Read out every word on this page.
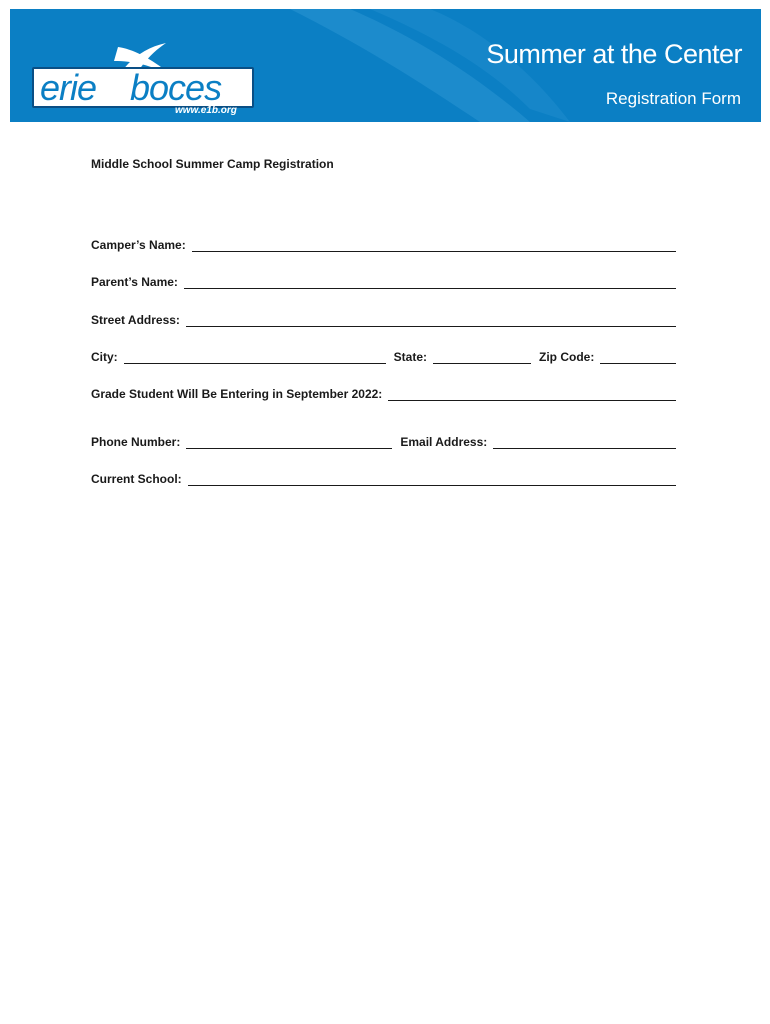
erie boces
www.e1b.org
Summer at the Center
Registration Form
Middle School Summer Camp Registration
Camper’s Name:
Parent’s Name:
Street Address:
City:	State:	Zip Code:
Grade Student Will Be Entering in September 2022:
Phone Number:	Email Address:
Current School:
